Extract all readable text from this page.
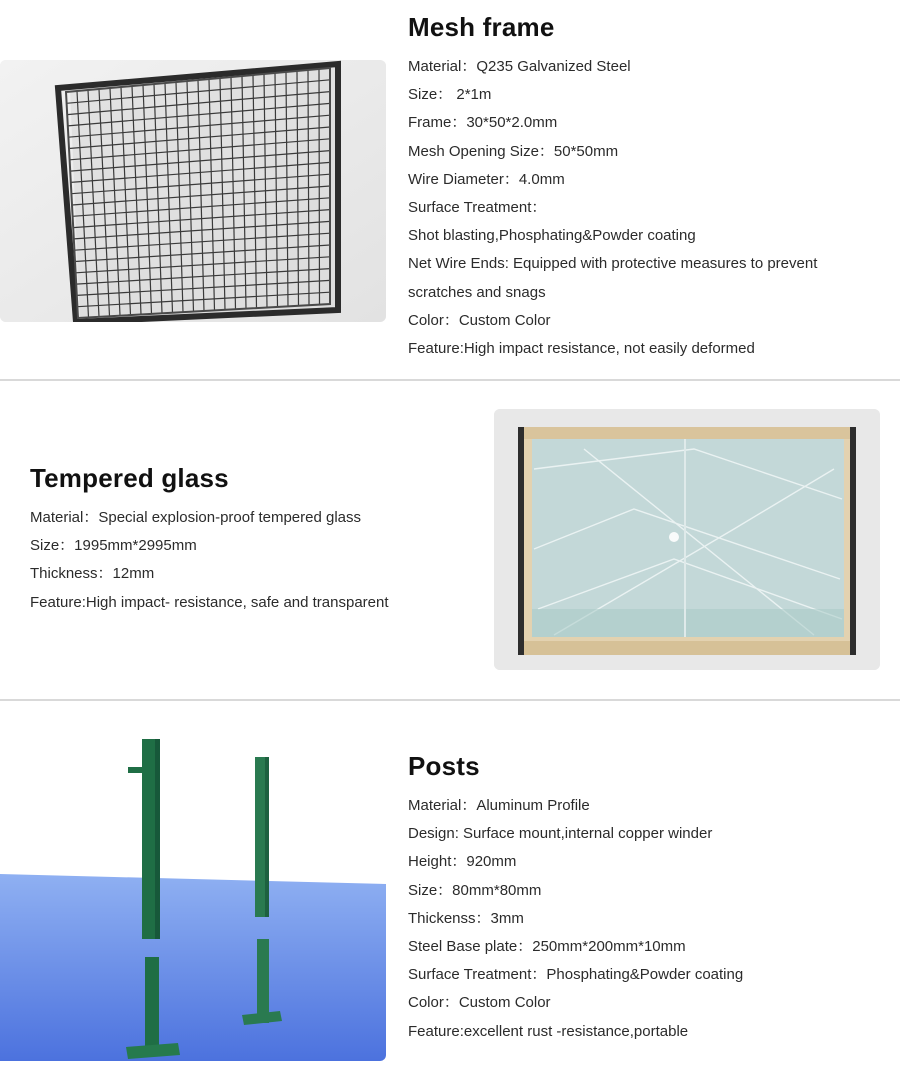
Mesh frame
Material：Q235 Galvanized Steel
Size： 2*1m
Frame：30*50*2.0mm
Mesh Opening Size：50*50mm
Wire Diameter：4.0mm
Surface Treatment：
Shot blasting,Phosphating&Powder coating
Net Wire Ends: Equipped with protective measures to prevent scratches and snags
Color：Custom Color
Feature:High impact resistance, not easily deformed
Tempered glass
Material：Special explosion-proof tempered glass
Size：1995mm*2995mm
Thickness：12mm
Feature:High impact- resistance, safe and transparent
Posts
Material：Aluminum Profile
Design: Surface mount,internal copper winder
Height：920mm
Size：80mm*80mm
Thickenss：3mm
Steel Base plate：250mm*200mm*10mm
Surface Treatment：Phosphating&Powder coating
Color：Custom Color
Feature:excellent rust -resistance,portable
